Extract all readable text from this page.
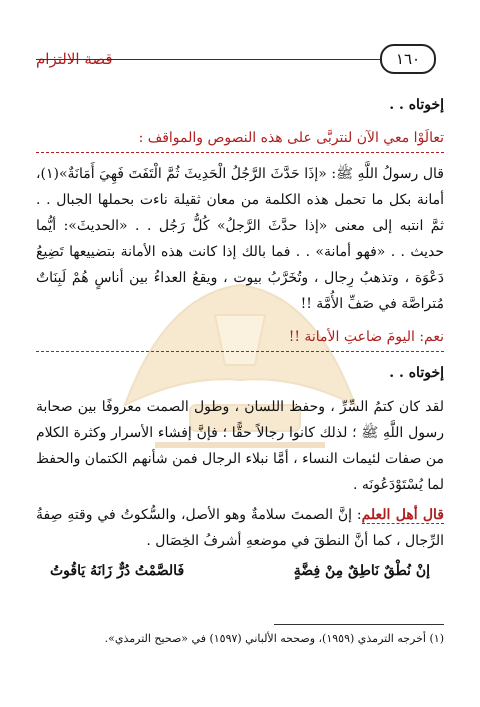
قصة الالتزام	١٦٠

إخوتاه . .

تعالَوْا معي الآن لنتربَّى على هذه النصوص والمواقف :

قال رسولُ اللَّهِ ﷺ: «إذَا حَدَّثَ الرَّجُلُ الْحَدِيثَ ثُمَّ الْتَفَتَ فَهِيَ أَمَانَةٌ»(١)، أمانة بكل ما تحمل هذه الكلمة من معان ثقيلة ناءت بحملها الجبال . . ثمَّ انتبه إلى معنى «إذا حدَّثَ الرَّجلُ» كُلُّ رَجُل . . «الحديثَ»: أيُّما حديث . . «فهو أمانة» . . فما بالك إذا كانت هذه الأمانة بتضييعها تَضِيعُ دَعْوَة ، وتذهبُ رِجال ، وتُخَرَّبُ بيوت ، ويقعُ العداءُ بين أناسٍ هُمْ لَبِنَاتٌ مُتراصَّة في صَفِّ الأُمَّة !!

نعم: اليومَ ضاعتِ الأمانة !!

إخوتاه . .

لقد كان كتمُ السِّرِّ ، وحفظ اللسان ، وطول الصمت معروفًا بين صحابة رسول اللَّهِ ﷺ ؛ لذلك كانوا رجالاً حقًّا ؛ فإنَّ إفشاء الأسرار وكثرة الكلام من صفات لئيمات النساء ، أمَّا نبلاء الرجال فمن شأنهم الكتمان والحفظ لما يُسْتَوْدَعُونَه .

قال أهل العلم: إنَّ الصمتَ سلامةٌ وهو الأصل، والسُّكوتُ في وقتهِ صِفةُ الرِّجال ، كما أنَّ النطقَ في موضعهِ أشرفُ الخِصَال .

إنْ نُطْقٌ نَاطِقٌ مِنْ فِضَّةٍ
فَالصَّمْتُ دُرٌّ زَانَهُ يَاقُوتُ
(١) أخرجه الترمذي (١٩٥٩)، وصححه الألباني (١٥٩٧) في «صحيح الترمذي».
